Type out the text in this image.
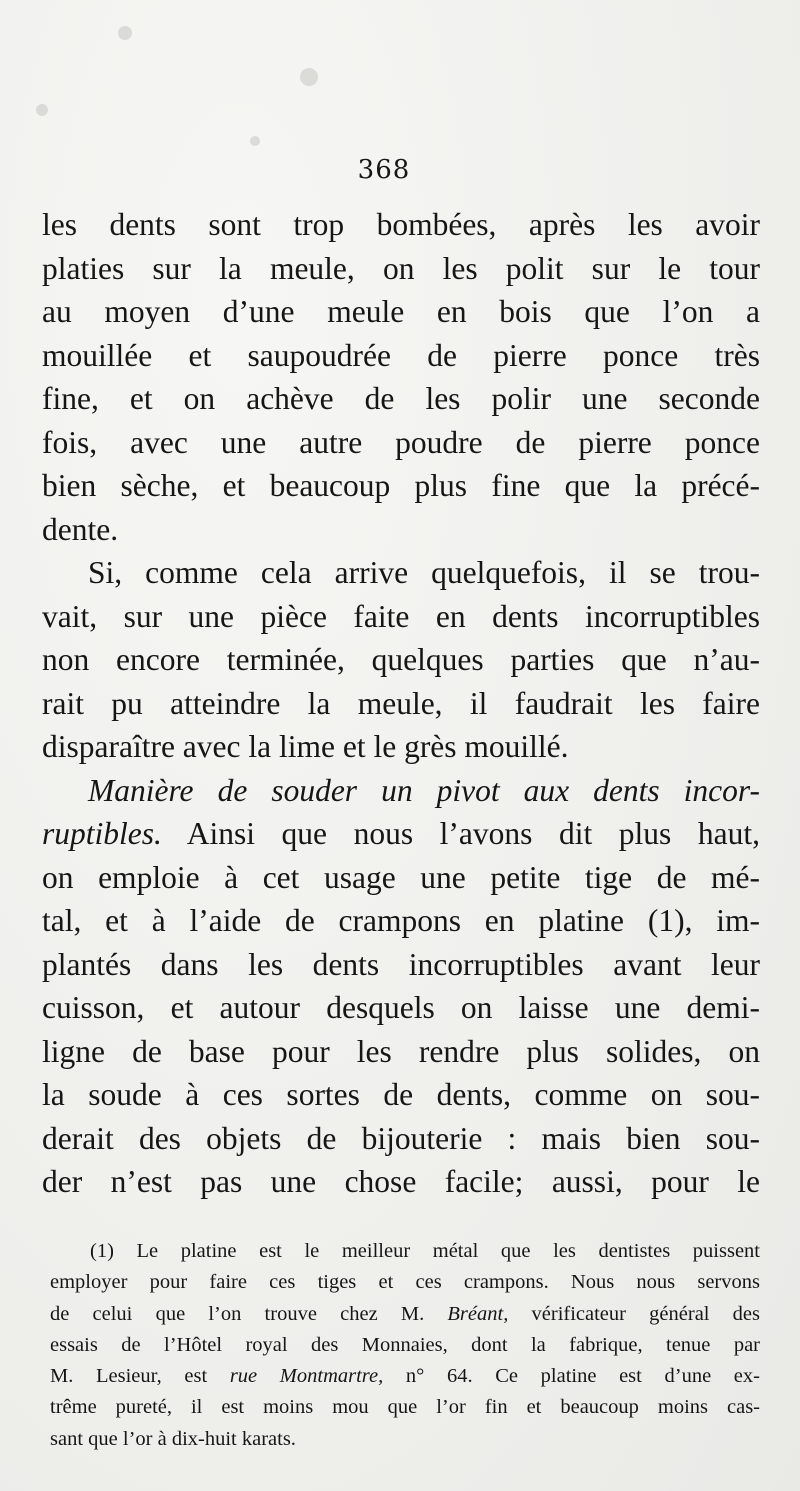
368
les dents sont trop bombées, après les avoir
platies sur la meule, on les polit sur le tour
au moyen d’une meule en bois que l’on a
mouillée et saupoudrée de pierre ponce très
fine, et on achève de les polir une seconde
fois, avec une autre poudre de pierre ponce
bien sèche, et beaucoup plus fine que la précé-
dente.
Si, comme cela arrive quelquefois, il se trou-
vait, sur une pièce faite en dents incorruptibles
non encore terminée, quelques parties que n’au-
rait pu atteindre la meule, il faudrait les faire
disparaître avec la lime et le grès mouillé.
Manière de souder un pivot aux dents incor-
ruptibles. Ainsi que nous l’avons dit plus haut,
on emploie à cet usage une petite tige de mé-
tal, et à l’aide de crampons en platine (1), im-
plantés dans les dents incorruptibles avant leur
cuisson, et autour desquels on laisse une demi-
ligne de base pour les rendre plus solides, on
la soude à ces sortes de dents, comme on sou-
derait des objets de bijouterie : mais bien sou-
der n’est pas une chose facile; aussi, pour le
(1) Le platine est le meilleur métal que les dentistes puissent
employer pour faire ces tiges et ces crampons. Nous nous servons
de celui que l’on trouve chez M. Bréant, vérificateur général des
essais de l’Hôtel royal des Monnaies, dont la fabrique, tenue par
M. Lesieur, est rue Montmartre, n° 64. Ce platine est d’une ex-
trême pureté, il est moins mou que l’or fin et beaucoup moins cas-
sant que l’or à dix-huit karats.
